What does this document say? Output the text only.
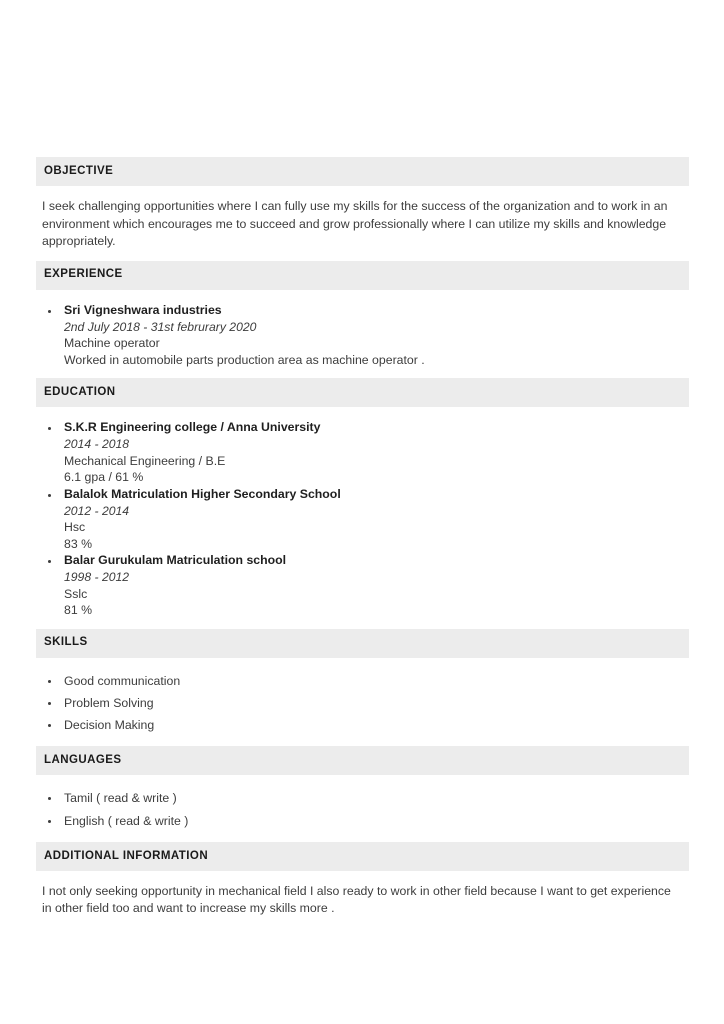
OBJECTIVE

I seek challenging opportunities where I can fully use my skills for the success of the organization and to work in an environment which encourages me to succeed and grow professionally where I can utilize my skills and knowledge appropriately.

EXPERIENCE
Sri Vigneshwara industries
2nd July 2018 - 31st februrary 2020
Machine operator
Worked in automobile parts production area as machine operator .
EDUCATION
S.K.R Engineering college / Anna University
2014 - 2018
Mechanical Engineering / B.E
6.1 gpa / 61 %
Balalok Matriculation Higher Secondary School
2012 - 2014
Hsc
83 %
Balar Gurukulam Matriculation school
1998 - 2012
Sslc
81 %
SKILLS
Good communication
Problem Solving
Decision Making
LANGUAGES
Tamil ( read & write )
English ( read & write )
ADDITIONAL INFORMATION

I not only seeking opportunity in mechanical field I also ready to work in other field because I want to get experience in other field too and want to increase my skills more .
